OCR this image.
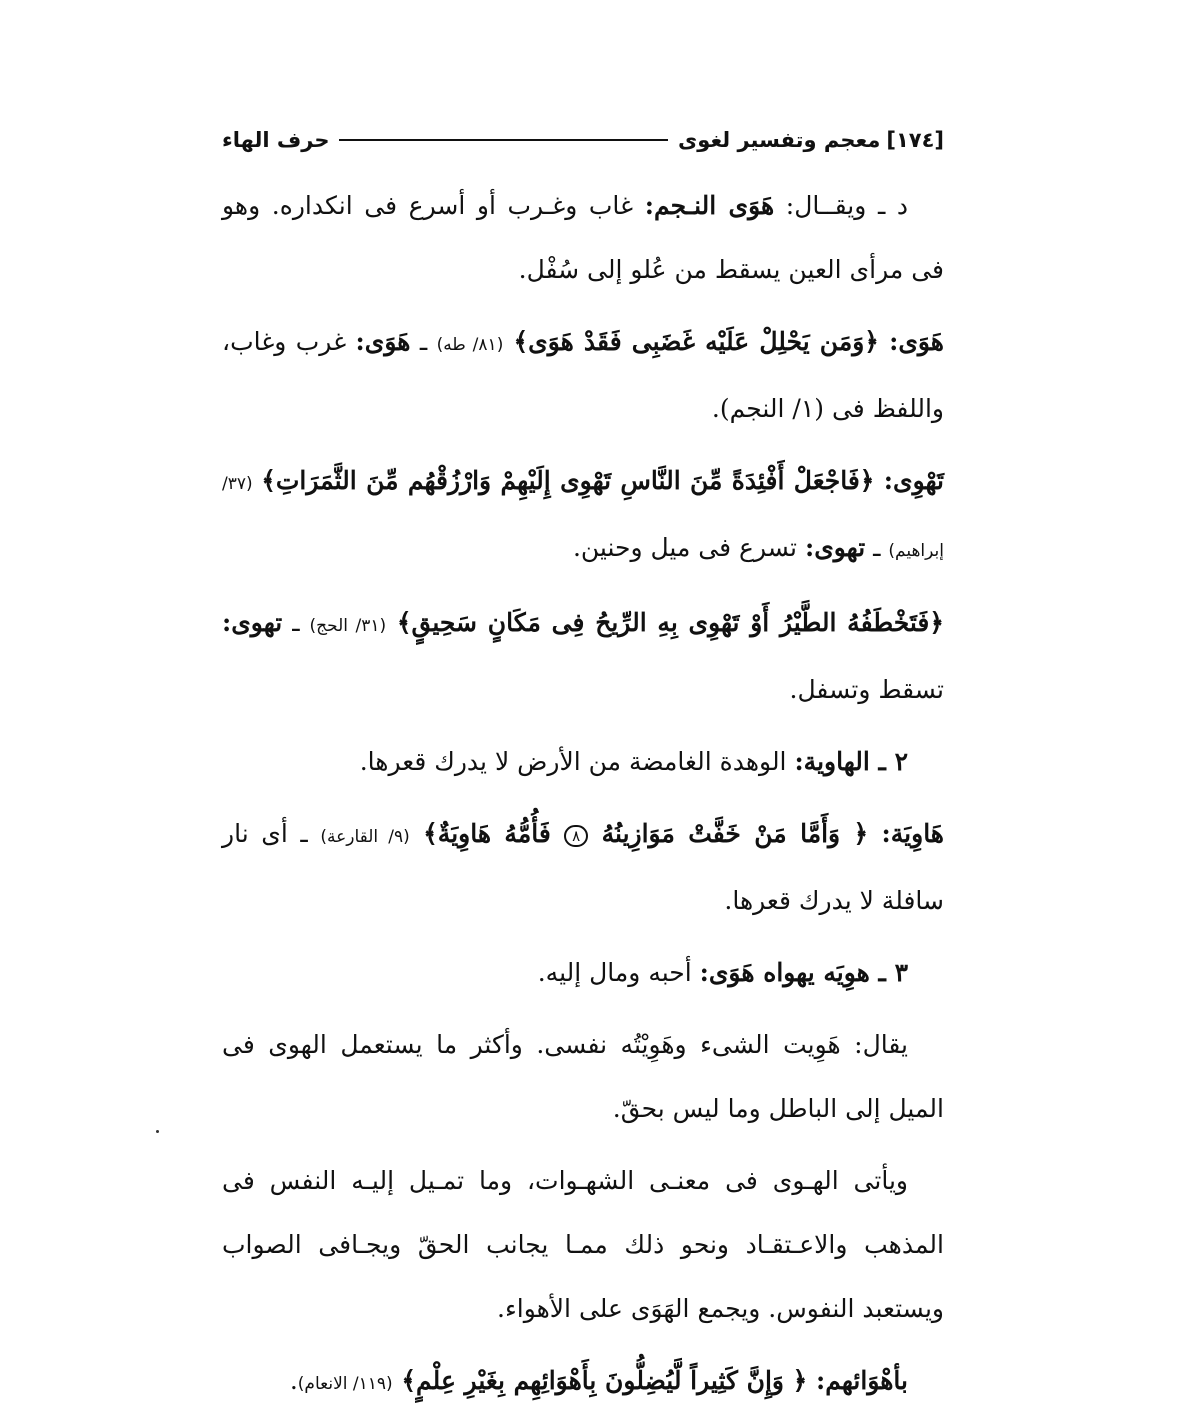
[١٧٤]
معجم وتفسير لغوى
حرف الهاء

د ـ ويقــال: هَوَى النـجم: غاب وغـرب أو أسرع فى انكداره. وهو فى مرأى العين يسقط من عُلو إلى سُفْل.

هَوَى: ﴿وَمَن يَحْلِلْ عَلَيْه غَضَبِى فَقَدْ هَوَى﴾ (٨١/ طه) ـ هَوَى: غرب وغاب، واللفظ فى (١/ النجم).

تَهْوِى: ﴿فَاجْعَلْ أَفْئِدَةً مِّنَ النَّاسِ تَهْوِى إِلَيْهِمْ وَارْزُقْهُم مِّنَ الثَّمَرَاتِ﴾ (٣٧/ إبراهيم) ـ تهوى: تسرع فى ميل وحنين.

﴿فَتَخْطَفُهُ الطَّيْرُ أَوْ تَهْوِى بِهِ الرِّيحُ فِى مَكَانٍ سَحِيقٍ﴾ (٣١/ الحج) ـ تهوى: تسقط وتسفل.

٢ ـ الهاوية: الوهدة الغامضة من الأرض لا يدرك قعرها.

هَاوِيَة: ﴿ وَأَمَّا مَنْ خَفَّتْ مَوَازِينُهُ ٨ فَأُمُّهُ هَاوِيَةٌ﴾ (٩/ القارعة) ـ أى نار سافلة لا يدرك قعرها.

٣ ـ هوِيَه يهواه هَوَى: أحبه ومال إليه.

يقال: هَوِيت الشىء وهَوِيْتُه نفسى. وأكثر ما يستعمل الهوى فى الميل إلى الباطل وما ليس بحقّ.

ويأتى الهـوى فى معنـى الشهـوات، وما تمـيل إليـه النفس فى المذهب والاعـتقـاد ونحو ذلك ممـا يجانب الحقّ ويجـافى الصواب ويستعبد النفوس. ويجمع الهَوَى على الأهواء.

بأهْوَائهم: ﴿ وَإِنَّ كَثِيراً لَّيُضِلُّونَ بِأَهْوَائِهِم بِغَيْرِ عِلْمٍ﴾ (١١٩/ الانعام).
